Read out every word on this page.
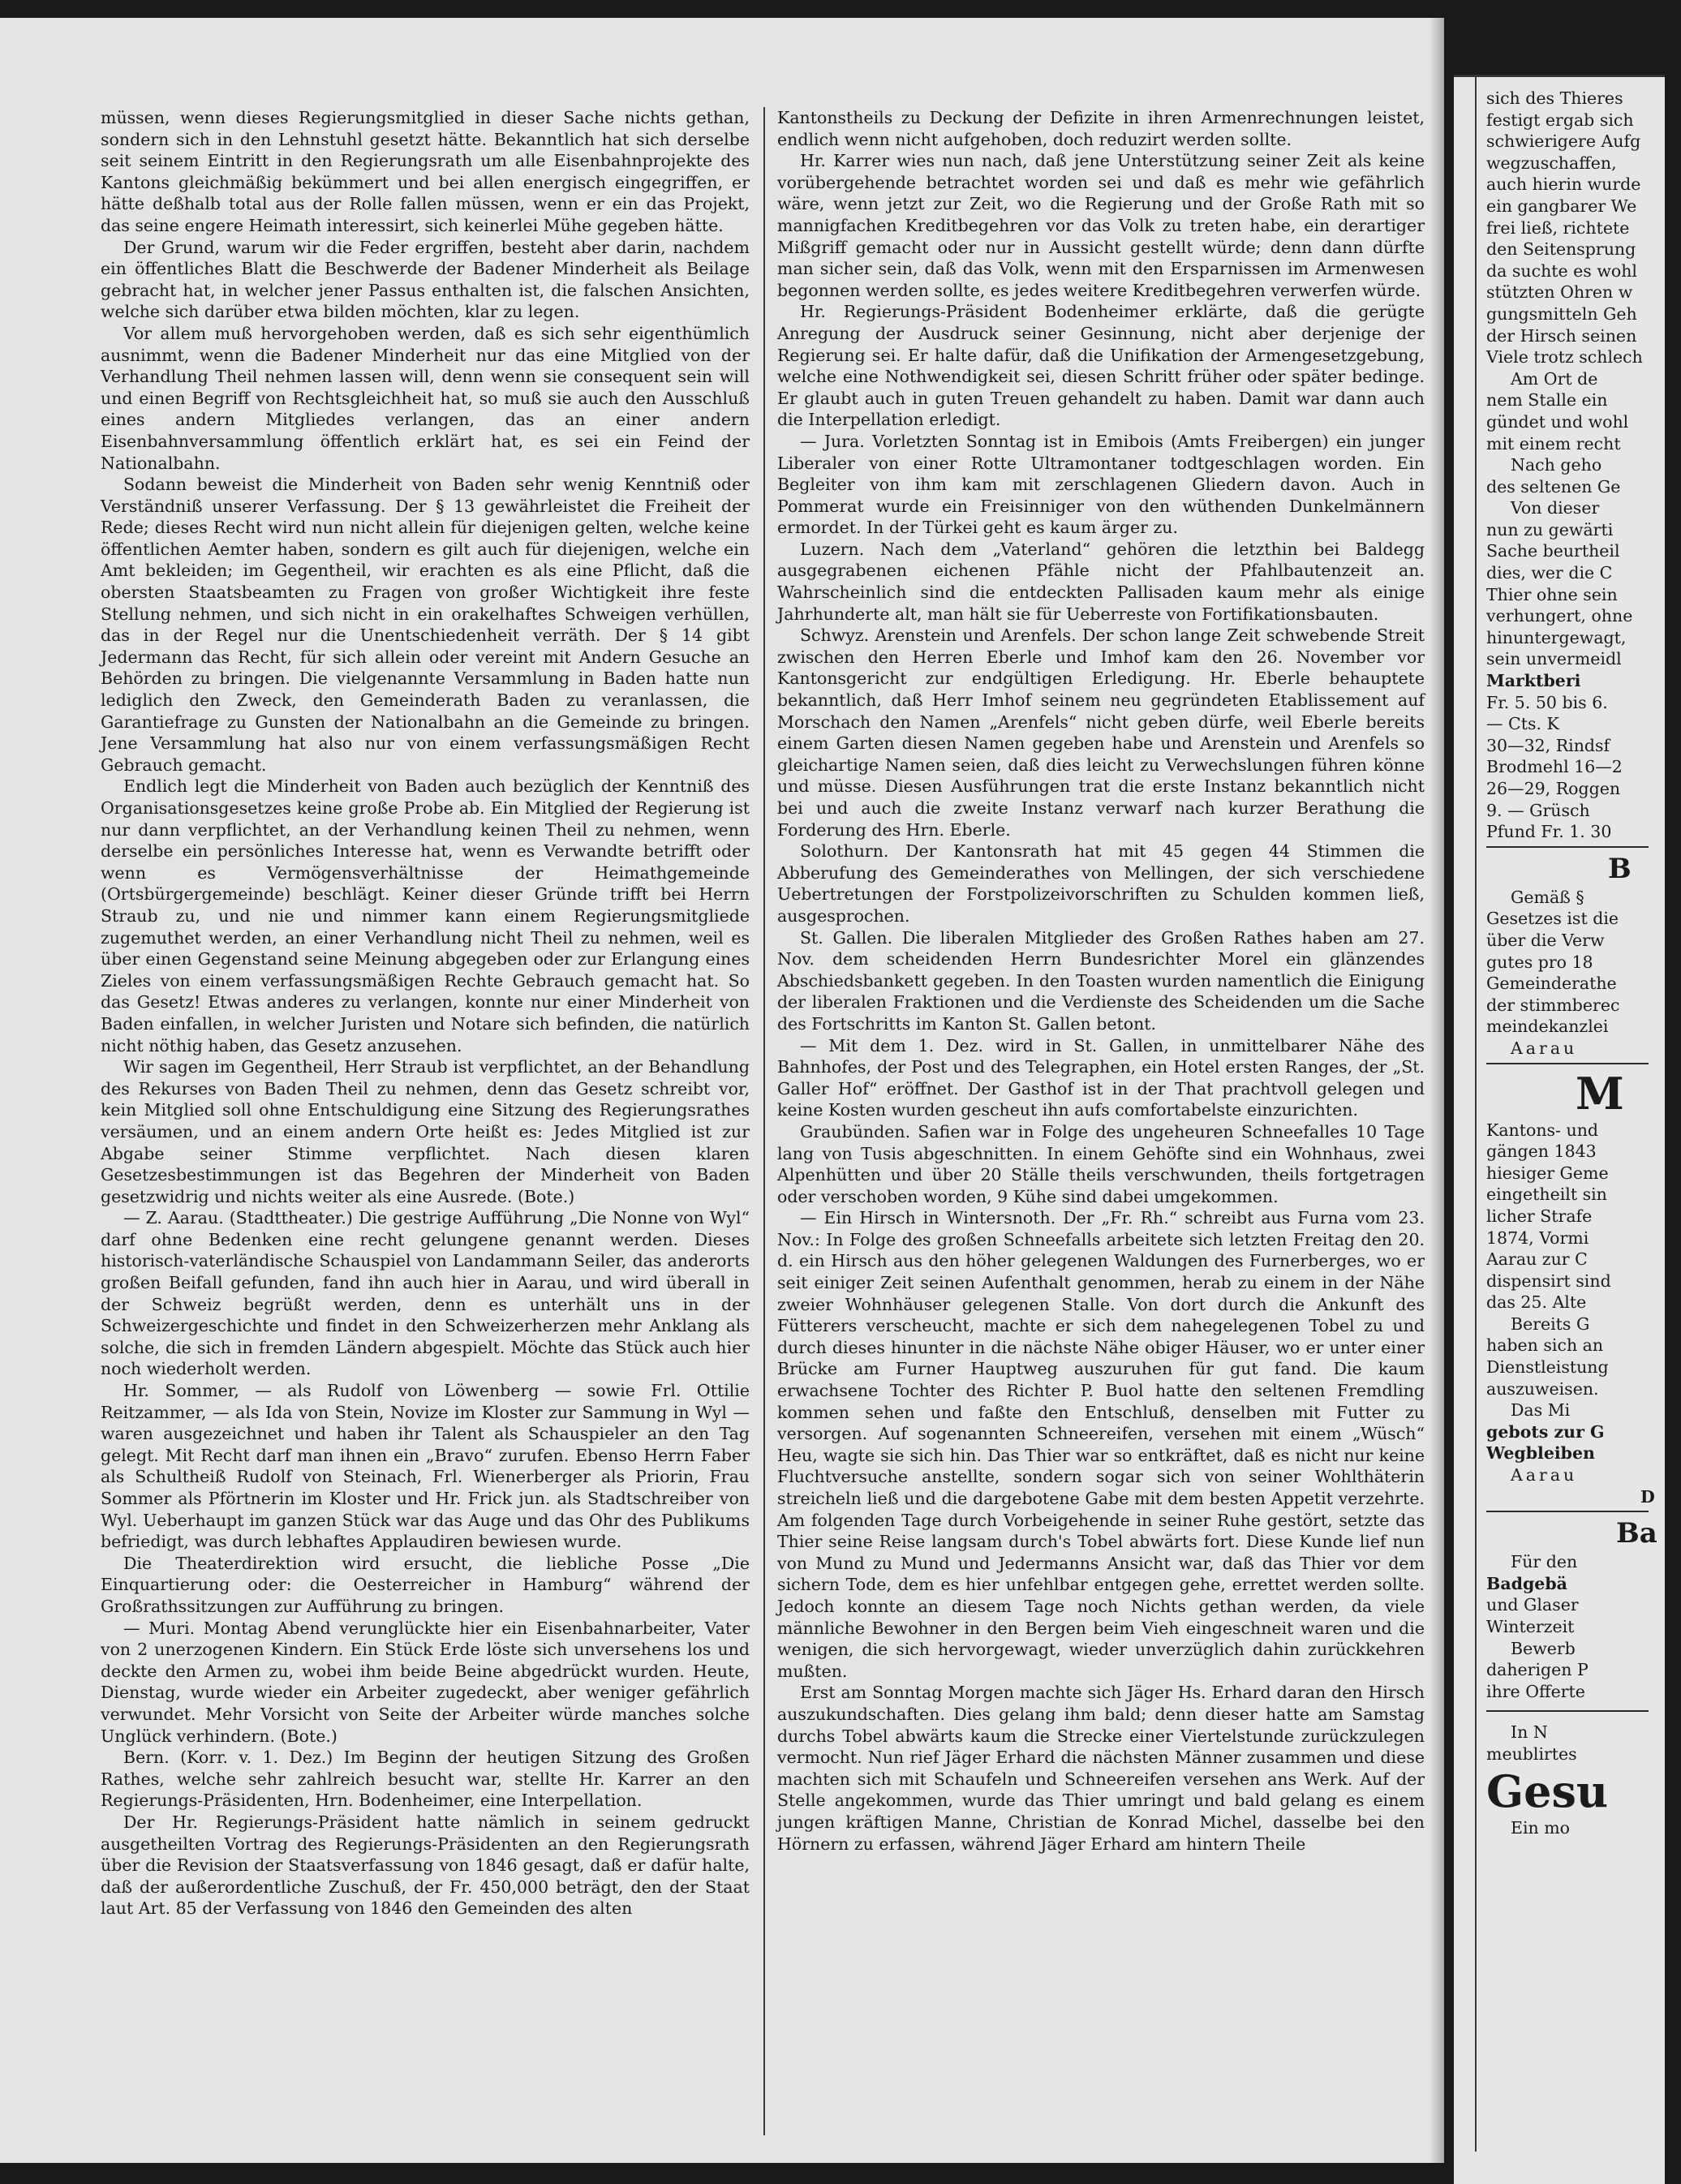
müssen, wenn dieses Regierungsmitglied in dieser Sache nichts gethan, sondern sich in den Lehnstuhl gesetzt hätte. Bekanntlich hat sich derselbe seit seinem Eintritt in den Regierungsrath um alle Eisenbahnprojekte des Kantons gleichmäßig bekümmert und bei allen energisch eingegriffen, er hätte deßhalb total aus der Rolle fallen müssen, wenn er ein das Projekt, das seine engere Heimath interessirt, sich keinerlei Mühe gegeben hätte.

Der Grund, warum wir die Feder ergriffen, besteht aber darin, nachdem ein öffentliches Blatt die Beschwerde der Badener Minderheit als Beilage gebracht hat, in welcher jener Passus enthalten ist, die falschen Ansichten, welche sich darüber etwa bilden möchten, klar zu legen.

Vor allem muß hervorgehoben werden, daß es sich sehr eigenthümlich ausnimmt, wenn die Badener Minderheit nur das eine Mitglied von der Verhandlung Theil nehmen lassen will, denn wenn sie consequent sein will und einen Begriff von Rechtsgleichheit hat, so muß sie auch den Ausschluß eines andern Mitgliedes verlangen, das an einer andern Eisenbahnversammlung öffentlich erklärt hat, es sei ein Feind der Nationalbahn.

Sodann beweist die Minderheit von Baden sehr wenig Kenntniß oder Verständniß unserer Verfassung. Der § 13 gewährleistet die Freiheit der Rede; dieses Recht wird nun nicht allein für diejenigen gelten, welche keine öffentlichen Aemter haben, sondern es gilt auch für diejenigen, welche ein Amt bekleiden; im Gegentheil, wir erachten es als eine Pflicht, daß die obersten Staatsbeamten zu Fragen von großer Wichtigkeit ihre feste Stellung nehmen, und sich nicht in ein orakelhaftes Schweigen verhüllen, das in der Regel nur die Unentschiedenheit verräth. Der § 14 gibt Jedermann das Recht, für sich allein oder vereint mit Andern Gesuche an Behörden zu bringen. Die vielgenannte Versammlung in Baden hatte nun lediglich den Zweck, den Gemeinderath Baden zu veranlassen, die Garantiefrage zu Gunsten der Nationalbahn an die Gemeinde zu bringen. Jene Versammlung hat also nur von einem verfassungsmäßigen Recht Gebrauch gemacht.

Endlich legt die Minderheit von Baden auch bezüglich der Kenntniß des Organisationsgesetzes keine große Probe ab. Ein Mitglied der Regierung ist nur dann verpflichtet, an der Verhandlung keinen Theil zu nehmen, wenn derselbe ein persönliches Interesse hat, wenn es Verwandte betrifft oder wenn es Vermögensverhältnisse der Heimathgemeinde (Ortsbürgergemeinde) beschlägt. Keiner dieser Gründe trifft bei Herrn Straub zu, und nie und nimmer kann einem Regierungsmitgliede zugemuthet werden, an einer Verhandlung nicht Theil zu nehmen, weil es über einen Gegenstand seine Meinung abgegeben oder zur Erlangung eines Zieles von einem verfassungsmäßigen Rechte Gebrauch gemacht hat. So das Gesetz! Etwas anderes zu verlangen, konnte nur einer Minderheit von Baden einfallen, in welcher Juristen und Notare sich befinden, die natürlich nicht nöthig haben, das Gesetz anzusehen.

Wir sagen im Gegentheil, Herr Straub ist verpflichtet, an der Behandlung des Rekurses von Baden Theil zu nehmen, denn das Gesetz schreibt vor, kein Mitglied soll ohne Entschuldigung eine Sitzung des Regierungsrathes versäumen, und an einem andern Orte heißt es: Jedes Mitglied ist zur Abgabe seiner Stimme verpflichtet. Nach diesen klaren Gesetzesbestimmungen ist das Begehren der Minderheit von Baden gesetzwidrig und nichts weiter als eine Ausrede. (Bote.)

— Z. Aarau. (Stadttheater.) Die gestrige Aufführung „Die Nonne von Wyl“ darf ohne Bedenken eine recht gelungene genannt werden. Dieses historisch-vaterländische Schauspiel von Landammann Seiler, das anderorts großen Beifall gefunden, fand ihn auch hier in Aarau, und wird überall in der Schweiz begrüßt werden, denn es unterhält uns in der Schweizergeschichte und findet in den Schweizerherzen mehr Anklang als solche, die sich in fremden Ländern abgespielt. Möchte das Stück auch hier noch wiederholt werden.

Hr. Sommer, — als Rudolf von Löwenberg — sowie Frl. Ottilie Reitzammer, — als Ida von Stein, Novize im Kloster zur Sammung in Wyl — waren ausgezeichnet und haben ihr Talent als Schauspieler an den Tag gelegt. Mit Recht darf man ihnen ein „Bravo“ zurufen. Ebenso Herrn Faber als Schultheiß Rudolf von Steinach, Frl. Wienerberger als Priorin, Frau Sommer als Pförtnerin im Kloster und Hr. Frick jun. als Stadtschreiber von Wyl. Ueberhaupt im ganzen Stück war das Auge und das Ohr des Publikums befriedigt, was durch lebhaftes Applaudiren bewiesen wurde.

Die Theaterdirektion wird ersucht, die liebliche Posse „Die Einquartierung oder: die Oesterreicher in Hamburg“ während der Großrathssitzungen zur Aufführung zu bringen.

— Muri. Montag Abend verunglückte hier ein Eisenbahnarbeiter, Vater von 2 unerzogenen Kindern. Ein Stück Erde löste sich unversehens los und deckte den Armen zu, wobei ihm beide Beine abgedrückt wurden. Heute, Dienstag, wurde wieder ein Arbeiter zugedeckt, aber weniger gefährlich verwundet. Mehr Vorsicht von Seite der Arbeiter würde manches solche Unglück verhindern. (Bote.)

Bern. (Korr. v. 1. Dez.) Im Beginn der heutigen Sitzung des Großen Rathes, welche sehr zahlreich besucht war, stellte Hr. Karrer an den Regierungs-Präsidenten, Hrn. Bodenheimer, eine Interpellation.

Der Hr. Regierungs-Präsident hatte nämlich in seinem gedruckt ausgetheilten Vortrag des Regierungs-Präsidenten an den Regierungsrath über die Revision der Staatsverfassung von 1846 gesagt, daß er dafür halte, daß der außerordentliche Zuschuß, der Fr. 450,000 beträgt, den der Staat laut Art. 85 der Verfassung von 1846 den Gemeinden des alten

Kantonstheils zu Deckung der Defizite in ihren Armenrechnungen leistet, endlich wenn nicht aufgehoben, doch reduzirt werden sollte.

Hr. Karrer wies nun nach, daß jene Unterstützung seiner Zeit als keine vorübergehende betrachtet worden sei und daß es mehr wie gefährlich wäre, wenn jetzt zur Zeit, wo die Regierung und der Große Rath mit so mannigfachen Kreditbegehren vor das Volk zu treten habe, ein derartiger Mißgriff gemacht oder nur in Aussicht gestellt würde; denn dann dürfte man sicher sein, daß das Volk, wenn mit den Ersparnissen im Armenwesen begonnen werden sollte, es jedes weitere Kreditbegehren verwerfen würde.

Hr. Regierungs-Präsident Bodenheimer erklärte, daß die gerügte Anregung der Ausdruck seiner Gesinnung, nicht aber derjenige der Regierung sei. Er halte dafür, daß die Unifikation der Armengesetzgebung, welche eine Nothwendigkeit sei, diesen Schritt früher oder später bedinge. Er glaubt auch in guten Treuen gehandelt zu haben. Damit war dann auch die Interpellation erledigt.

— Jura. Vorletzten Sonntag ist in Emibois (Amts Freibergen) ein junger Liberaler von einer Rotte Ultramontaner todtgeschlagen worden. Ein Begleiter von ihm kam mit zerschlagenen Gliedern davon. Auch in Pommerat wurde ein Freisinniger von den wüthenden Dunkelmännern ermordet. In der Türkei geht es kaum ärger zu.

Luzern. Nach dem „Vaterland“ gehören die letzthin bei Baldegg ausgegrabenen eichenen Pfähle nicht der Pfahlbautenzeit an. Wahrscheinlich sind die entdeckten Pallisaden kaum mehr als einige Jahrhunderte alt, man hält sie für Ueberreste von Fortifikationsbauten.

Schwyz. Arenstein und Arenfels. Der schon lange Zeit schwebende Streit zwischen den Herren Eberle und Imhof kam den 26. November vor Kantonsgericht zur endgültigen Erledigung. Hr. Eberle behauptete bekanntlich, daß Herr Imhof seinem neu gegründeten Etablissement auf Morschach den Namen „Arenfels“ nicht geben dürfe, weil Eberle bereits einem Garten diesen Namen gegeben habe und Arenstein und Arenfels so gleichartige Namen seien, daß dies leicht zu Verwechslungen führen könne und müsse. Diesen Ausführungen trat die erste Instanz bekanntlich nicht bei und auch die zweite Instanz verwarf nach kurzer Berathung die Forderung des Hrn. Eberle.

Solothurn. Der Kantonsrath hat mit 45 gegen 44 Stimmen die Abberufung des Gemeinderathes von Mellingen, der sich verschiedene Uebertretungen der Forstpolizeivorschriften zu Schulden kommen ließ, ausgesprochen.

St. Gallen. Die liberalen Mitglieder des Großen Rathes haben am 27. Nov. dem scheidenden Herrn Bundesrichter Morel ein glänzendes Abschiedsbankett gegeben. In den Toasten wurden namentlich die Einigung der liberalen Fraktionen und die Verdienste des Scheidenden um die Sache des Fortschritts im Kanton St. Gallen betont.

— Mit dem 1. Dez. wird in St. Gallen, in unmittelbarer Nähe des Bahnhofes, der Post und des Telegraphen, ein Hotel ersten Ranges, der „St. Galler Hof“ eröffnet. Der Gasthof ist in der That prachtvoll gelegen und keine Kosten wurden gescheut ihn aufs comfortabelste einzurichten.

Graubünden. Safien war in Folge des ungeheuren Schneefalles 10 Tage lang von Tusis abgeschnitten. In einem Gehöfte sind ein Wohnhaus, zwei Alpenhütten und über 20 Ställe theils verschwunden, theils fortgetragen oder verschoben worden, 9 Kühe sind dabei umgekommen.

— Ein Hirsch in Wintersnoth. Der „Fr. Rh.“ schreibt aus Furna vom 23. Nov.: In Folge des großen Schneefalls arbeitete sich letzten Freitag den 20. d. ein Hirsch aus den höher gelegenen Waldungen des Furnerberges, wo er seit einiger Zeit seinen Aufenthalt genommen, herab zu einem in der Nähe zweier Wohnhäuser gelegenen Stalle. Von dort durch die Ankunft des Fütterers verscheucht, machte er sich dem nahegelegenen Tobel zu und durch dieses hinunter in die nächste Nähe obiger Häuser, wo er unter einer Brücke am Furner Hauptweg auszuruhen für gut fand. Die kaum erwachsene Tochter des Richter P. Buol hatte den seltenen Fremdling kommen sehen und faßte den Entschluß, denselben mit Futter zu versorgen. Auf sogenannten Schneereifen, versehen mit einem „Wüsch“ Heu, wagte sie sich hin. Das Thier war so entkräftet, daß es nicht nur keine Fluchtversuche anstellte, sondern sogar sich von seiner Wohlthäterin streicheln ließ und die dargebotene Gabe mit dem besten Appetit verzehrte. Am folgenden Tage durch Vorbeigehende in seiner Ruhe gestört, setzte das Thier seine Reise langsam durch's Tobel abwärts fort. Diese Kunde lief nun von Mund zu Mund und Jedermanns Ansicht war, daß das Thier vor dem sichern Tode, dem es hier unfehlbar entgegen gehe, errettet werden sollte. Jedoch konnte an diesem Tage noch Nichts gethan werden, da viele männliche Bewohner in den Bergen beim Vieh eingeschneit waren und die wenigen, die sich hervorgewagt, wieder unverzüglich dahin zurückkehren mußten.

Erst am Sonntag Morgen machte sich Jäger Hs. Erhard daran den Hirsch auszukundschaften. Dies gelang ihm bald; denn dieser hatte am Samstag durchs Tobel abwärts kaum die Strecke einer Viertelstunde zurückzulegen vermocht. Nun rief Jäger Erhard die nächsten Männer zusammen und diese machten sich mit Schaufeln und Schneereifen versehen ans Werk. Auf der Stelle angekommen, wurde das Thier umringt und bald gelang es einem jungen kräftigen Manne, Christian de Konrad Michel, dasselbe bei den Hörnern zu erfassen, während Jäger Erhard am hintern Theile

sich des Thieres
festigt ergab sich
schwierigere Aufg
wegzuschaffen,
auch hierin wurde
ein gangbarer We
frei ließ, richtete
den Seitensprung
da suchte es wohl
stützten Ohren w
gungsmitteln Geh
der Hirsch seinen
Viele trotz schlech
Am Ort de
nem Stalle ein
gündet und wohl
mit einem recht
Nach geho
des seltenen Ge
Von dieser
nun zu gewärti
Sache beurtheil
dies, wer die C
Thier ohne sein
verhungert, ohne
hinuntergewagt,
sein unvermeidl
Marktberi
Fr. 5. 50 bis 6.
— Cts. K
30—32, Rindsf
Brodmehl 16—2
26—29, Roggen
9. — Grüsch
Pfund Fr. 1. 30
B
Gemäß §
Gesetzes ist die
über die Verw
gutes pro 18
Gemeinderathe
der stimmberec
meindekanzlei
Aarau
M
Kantons- und
gängen 1843
hiesiger Geme
eingetheilt sin
licher Strafe
1874, Vormi
Aarau zur C
dispensirt sind
das 25. Alte
Bereits G
haben sich an
Dienstleistung
auszuweisen.
Das Mi
gebots zur G
Wegbleiben
Aarau
D
Ba
Für den
Badgebä
und Glaser
Winterzeit
Bewerb
daherigen P
ihre Offerte
In N
meublirtes
Gesu
Ein mo
